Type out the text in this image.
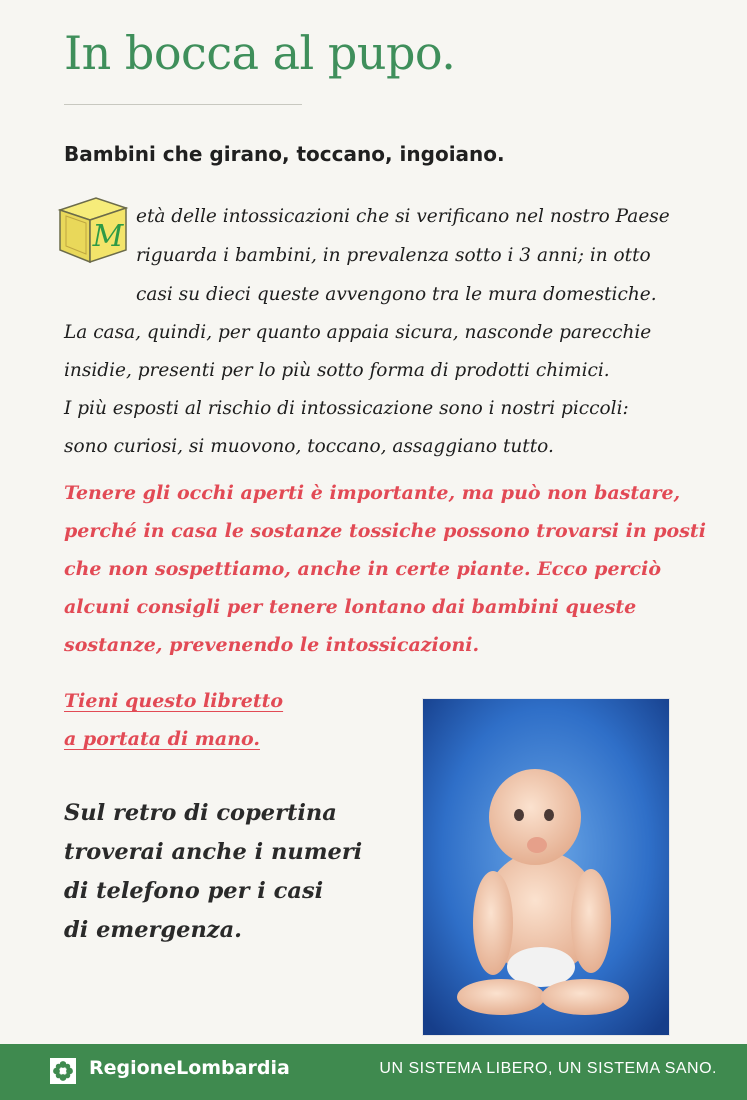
In bocca al pupo.
Bambini che girano, toccano, ingoiano.
M
età delle intossicazioni che si verificano nel nostro Paese
riguarda i bambini, in prevalenza sotto i 3 anni; in otto
casi su dieci queste avvengono tra le mura domestiche.
La casa, quindi, per quanto appaia sicura, nasconde parecchie
insidie, presenti per lo più sotto forma di prodotti chimici.
I più esposti al rischio di intossicazione sono i nostri piccoli:
sono curiosi, si muovono, toccano, assaggiano tutto.
Tenere gli occhi aperti è importante, ma può non bastare,
perché in casa le sostanze tossiche possono trovarsi in posti
che non sospettiamo, anche in certe piante. Ecco perciò
alcuni consigli per tenere lontano dai bambini queste
sostanze, prevenendo le intossicazioni.
Tieni questo libretto
a portata di mano.
Sul retro di copertina
troverai anche i numeri
di telefono per i casi
di emergenza.
RegioneLombardia	UN SISTEMA LIBERO, UN SISTEMA SANO.
